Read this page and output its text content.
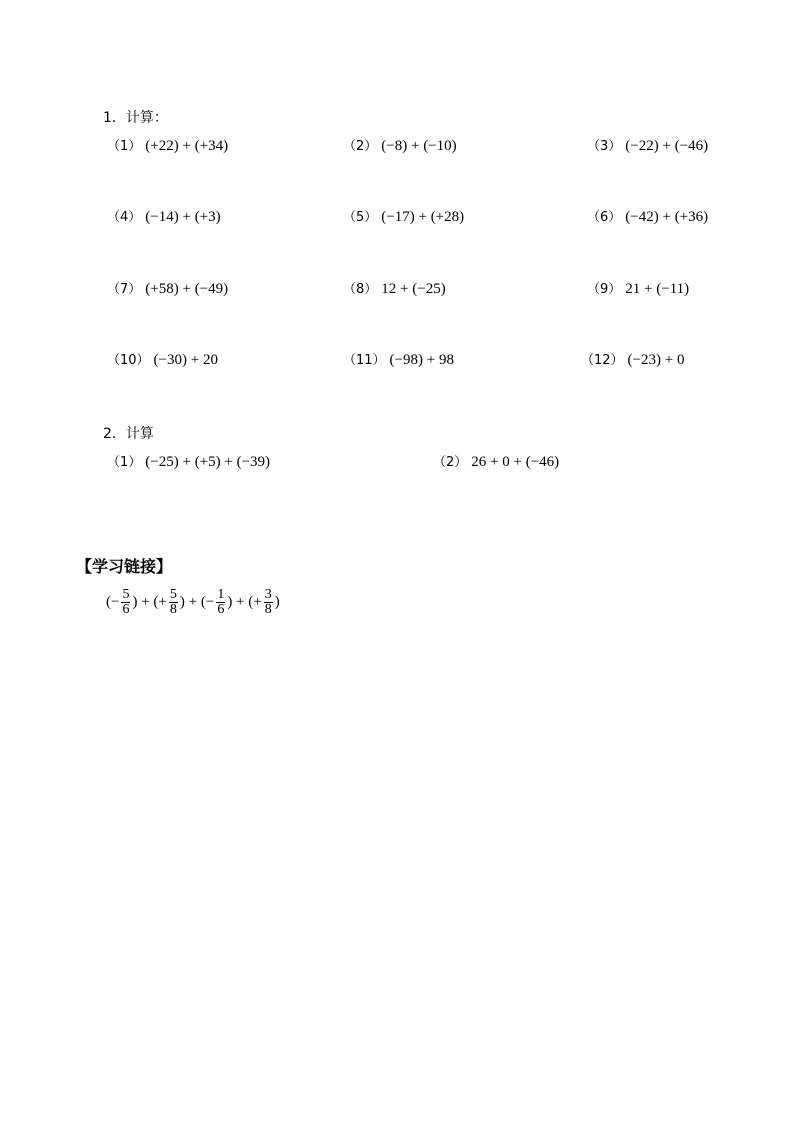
1．计算：
（1） (+22) + (+34)	（2） (−8) + (−10)	（3） (−22) + (−46)
（4） (−14) + (+3)	（5） (−17) + (+28)	（6） (−42) + (+36)
（7） (+58) + (−49)	（8） 12 + (−25)	（9） 21 + (−11)
（10） (−30) + 20	（11） (−98) + 98	（12） (−23) + 0
2．计算
（1） (−25) + (+5) + (−39)	（2） 26 + 0 + (−46)
【学习链接】
(− $\frac{5}{6}$ ) + (+ $\frac{5}{8}$ ) + (− $\frac{1}{6}$ ) + (+ $\frac{3}{8}$ )
